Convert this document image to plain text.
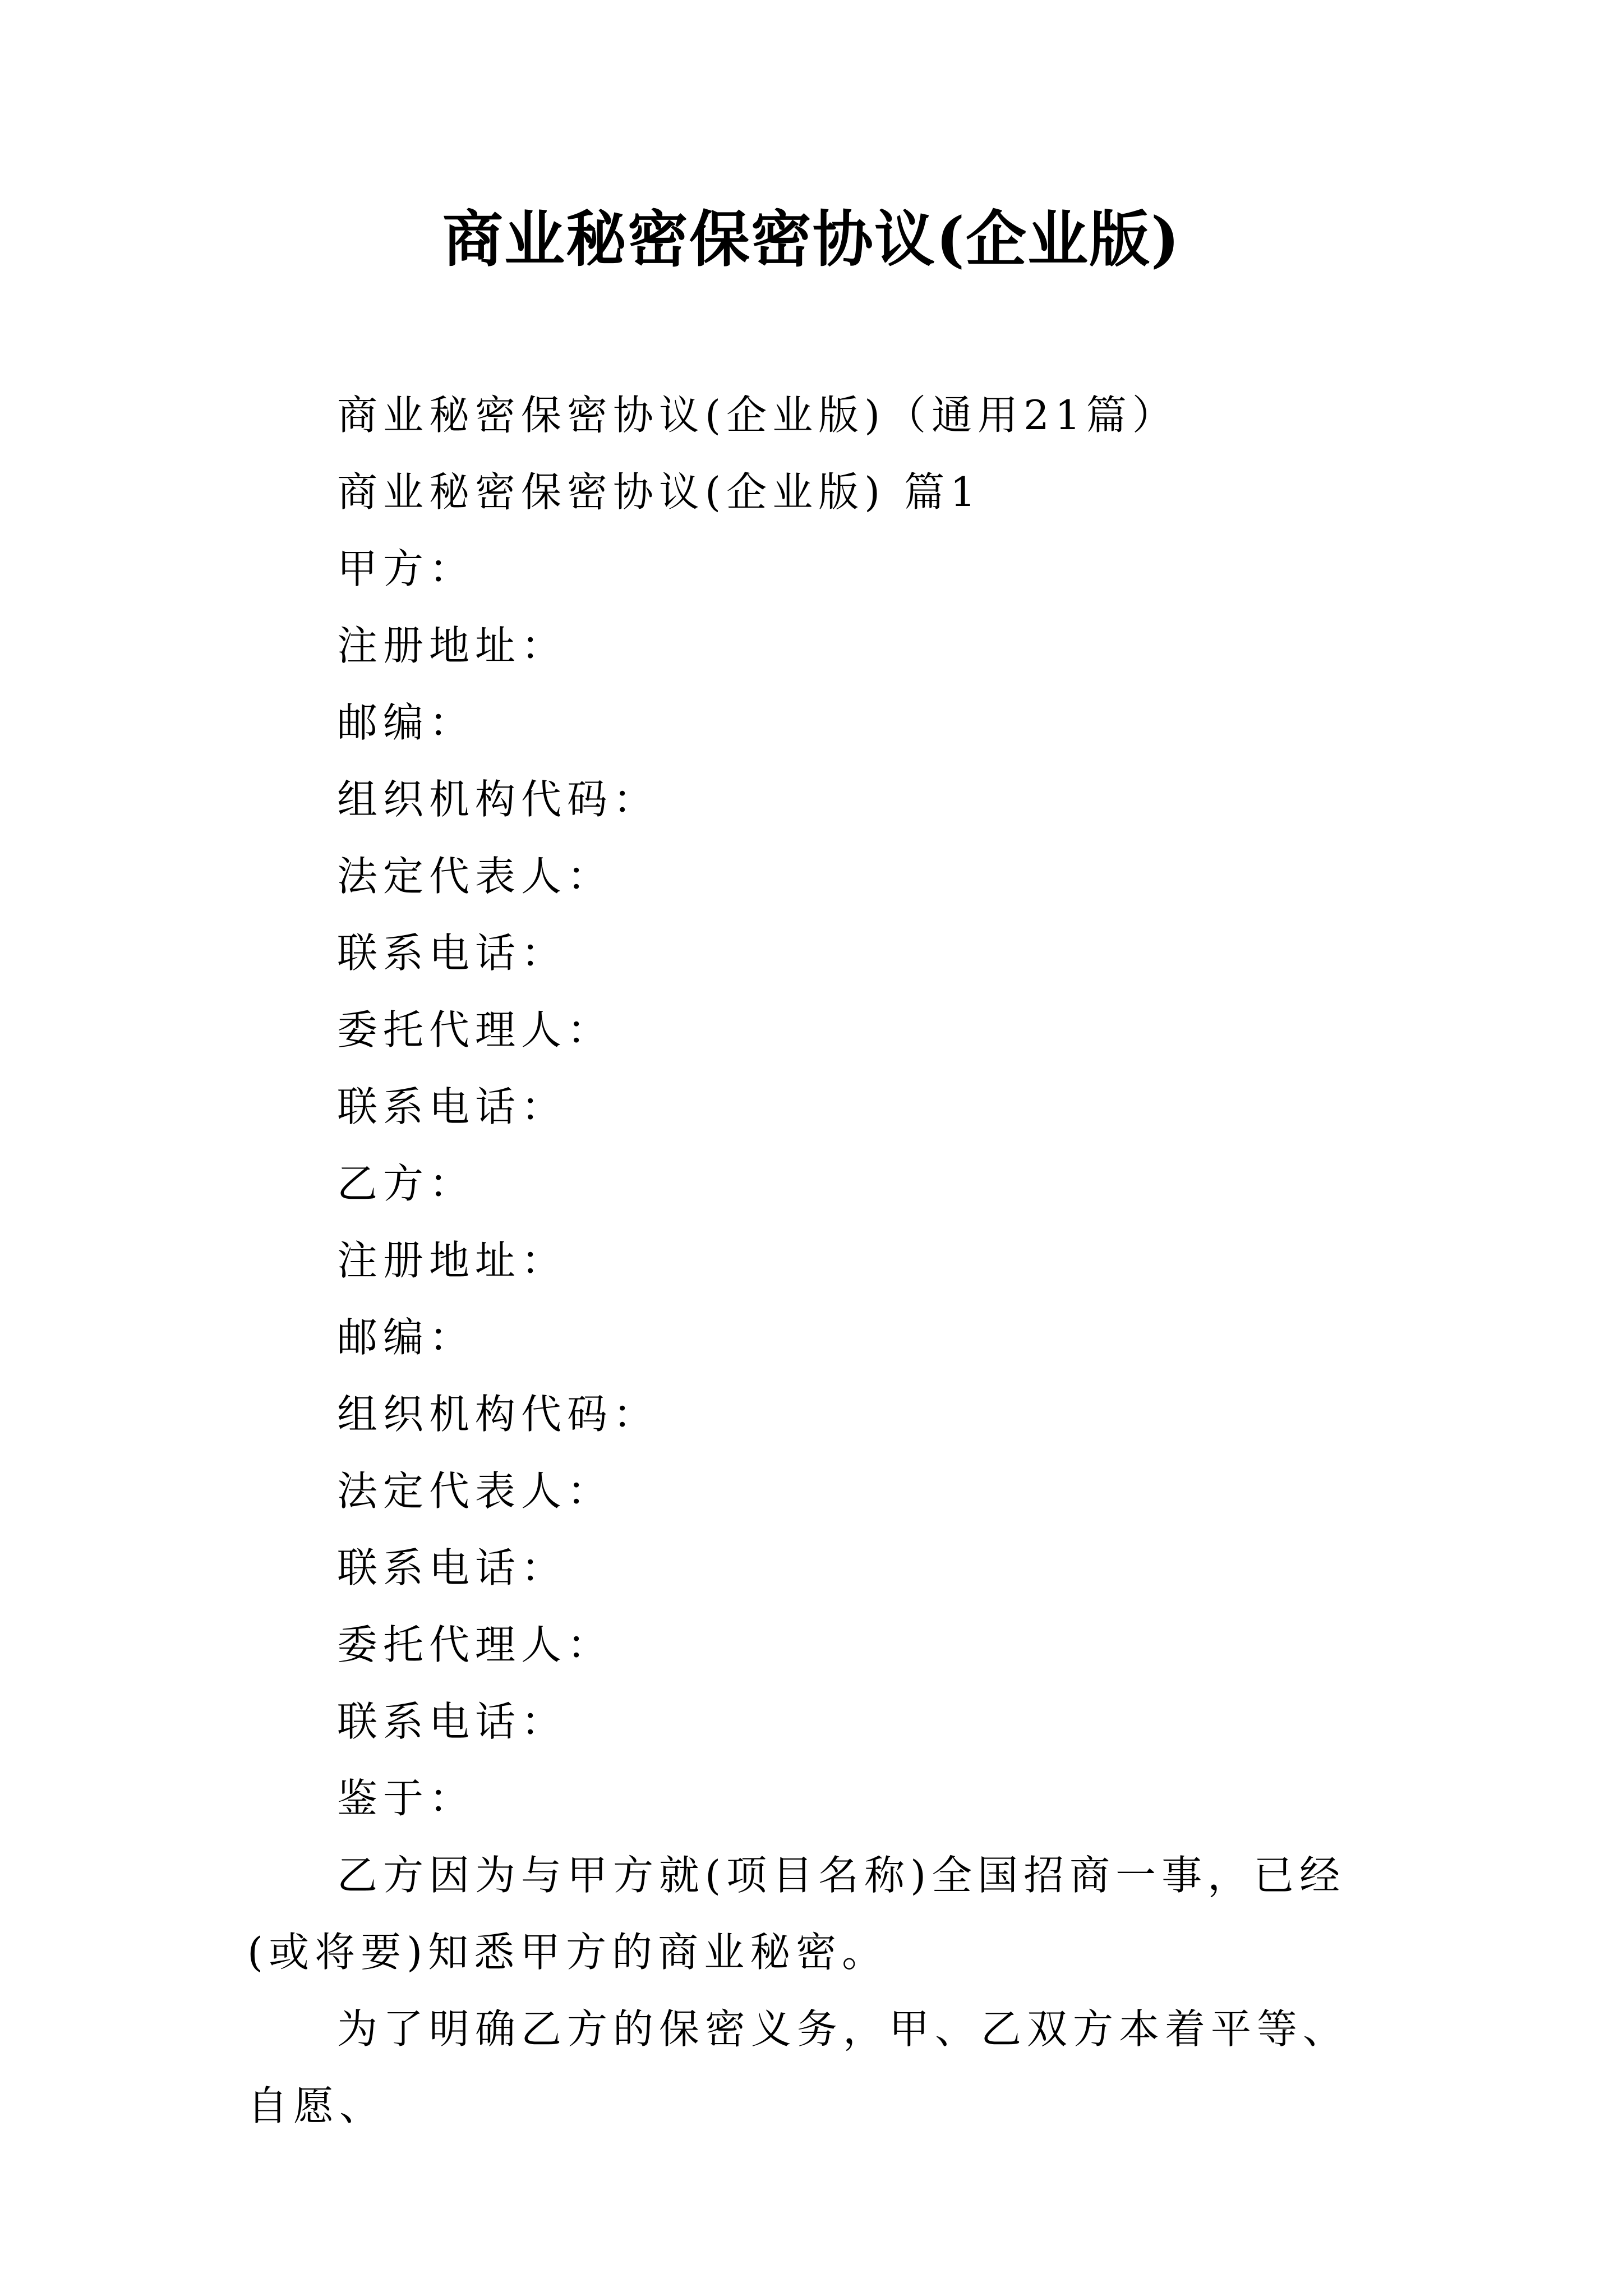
商业秘密保密协议(企业版)
商业秘密保密协议(企业版)（通用21篇）
商业秘密保密协议(企业版) 篇1
甲方：
注册地址：
邮编：
组织机构代码：
法定代表人：
联系电话：
委托代理人：
联系电话：
乙方：
注册地址：
邮编：
组织机构代码：
法定代表人：
联系电话：
委托代理人：
联系电话：
鉴于：

乙方因为与甲方就(项目名称)全国招商一事，已经(或将要)知悉甲方的商业秘密。

为了明确乙方的保密义务，甲、乙双方本着平等、自愿、
